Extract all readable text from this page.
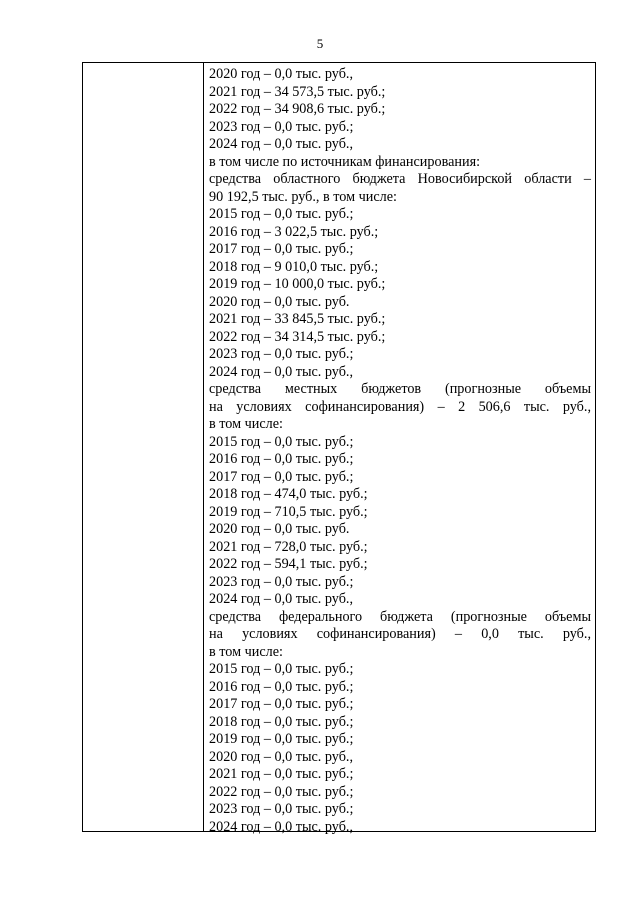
5
2020 год – 0,0 тыс. руб.,
2021 год – 34 573,5 тыс. руб.;
2022 год – 34 908,6 тыс. руб.;
2023 год – 0,0 тыс. руб.;
2024 год – 0,0 тыс. руб.,
в том числе по источникам финансирования:
средства областного бюджета Новосибирской области –
90 192,5 тыс. руб., в том числе:
2015 год – 0,0 тыс. руб.;
2016 год – 3 022,5 тыс. руб.;
2017 год – 0,0 тыс. руб.;
2018 год – 9 010,0 тыс. руб.;
2019 год – 10 000,0 тыс. руб.;
2020 год – 0,0 тыс. руб.
2021 год – 33 845,5 тыс. руб.;
2022 год – 34 314,5 тыс. руб.;
2023 год – 0,0 тыс. руб.;
2024 год – 0,0 тыс. руб.,
средства местных бюджетов (прогнозные объемы
на условиях софинансирования) – 2 506,6 тыс. руб.,
в том числе:
2015 год – 0,0 тыс. руб.;
2016 год – 0,0 тыс. руб.;
2017 год – 0,0 тыс. руб.;
2018 год – 474,0 тыс. руб.;
2019 год – 710,5 тыс. руб.;
2020 год – 0,0 тыс. руб.
2021 год – 728,0 тыс. руб.;
2022 год – 594,1 тыс. руб.;
2023 год – 0,0 тыс. руб.;
2024 год – 0,0 тыс. руб.,
средства федерального бюджета (прогнозные объемы
на условиях софинансирования) – 0,0 тыс. руб.,
в том числе:
2015 год – 0,0 тыс. руб.;
2016 год – 0,0 тыс. руб.;
2017 год – 0,0 тыс. руб.;
2018 год – 0,0 тыс. руб.;
2019 год – 0,0 тыс. руб.;
2020 год – 0,0 тыс. руб.,
2021 год – 0,0 тыс. руб.;
2022 год – 0,0 тыс. руб.;
2023 год – 0,0 тыс. руб.;
2024 год – 0,0 тыс. руб.,
